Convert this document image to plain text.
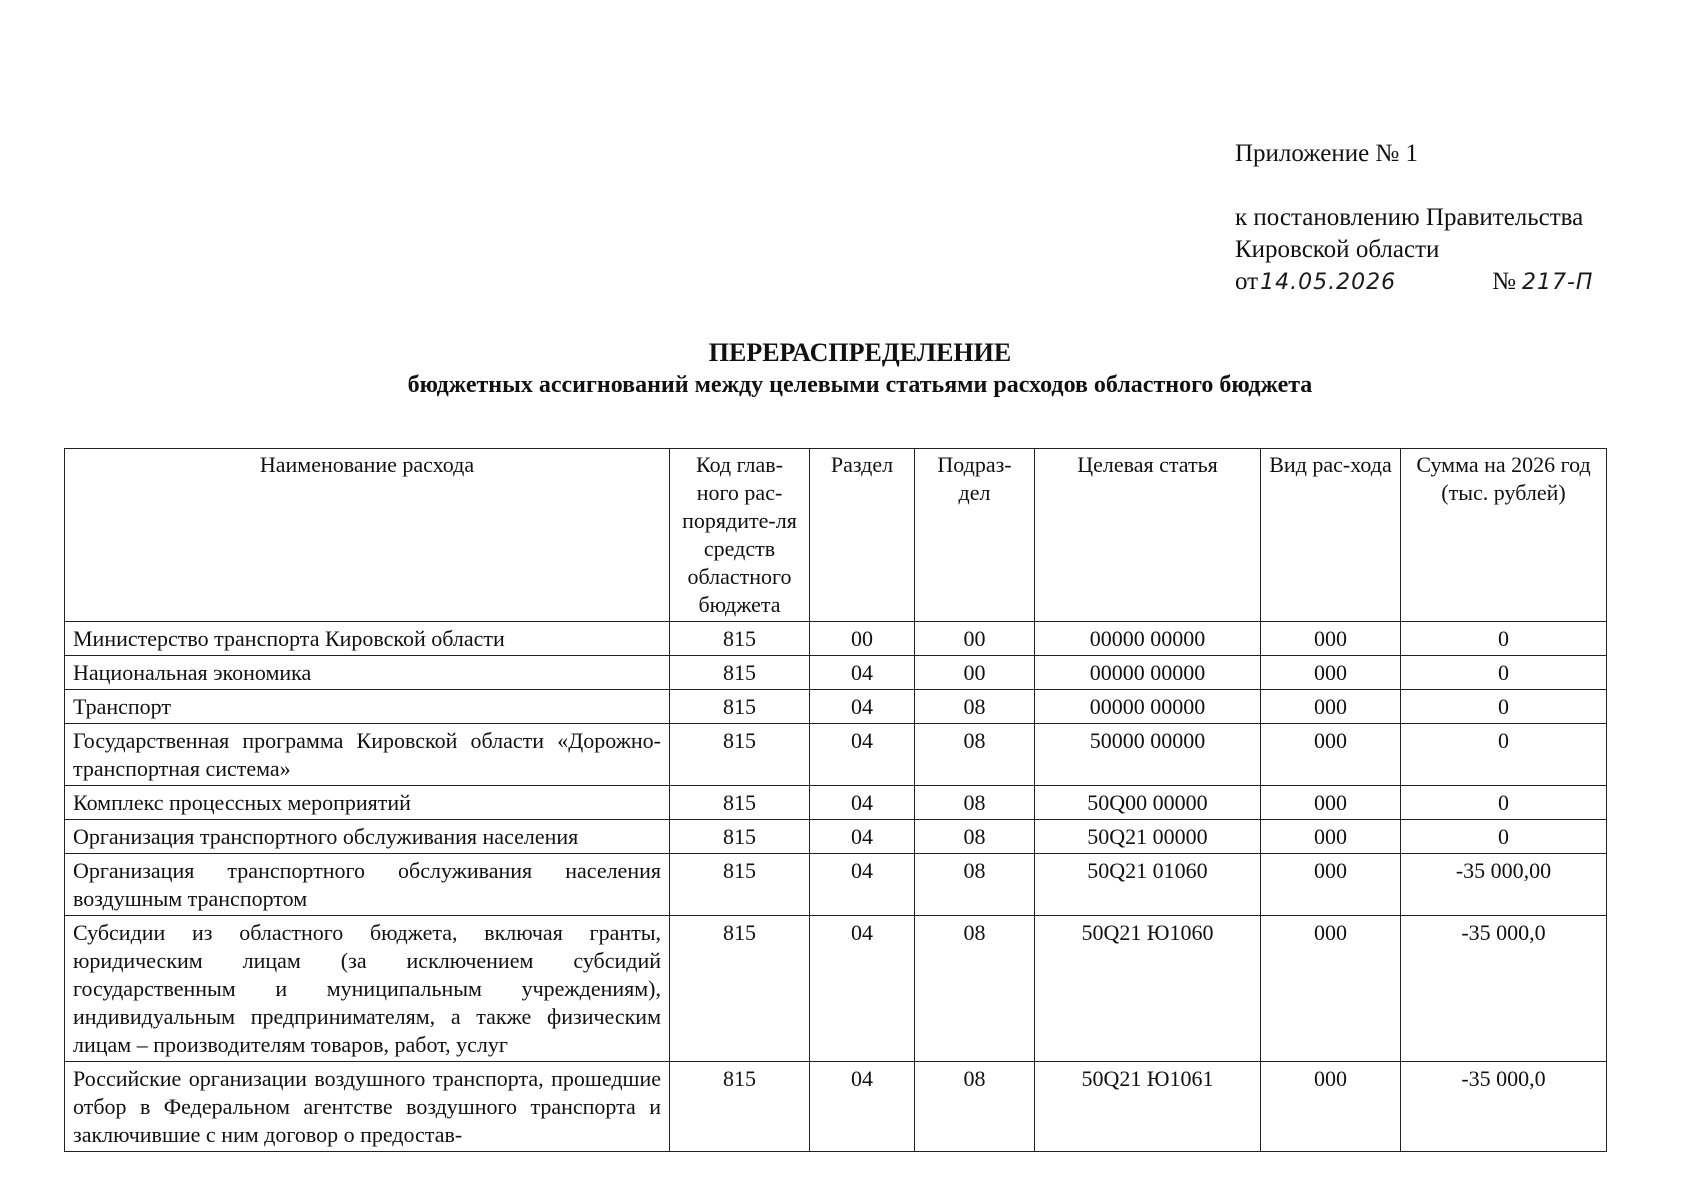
Приложение № 1
к постановлению Правительства
Кировской области
от 14.05.2026	№ 217-П
ПЕРЕРАСПРЕДЕЛЕНИЕ
бюджетных ассигнований между целевыми статьями расходов областного бюджета
Наименование расхода	Код глав-ного рас-порядите-ля средств областного бюджета	Раздел	Подраз-дел	Целевая статья	Вид рас-хода	Сумма на 2026 год (тыс. рублей)
Министерство транспорта Кировской области	815	00	00	00000 00000	000	0
Национальная экономика	815	04	00	00000 00000	000	0
Транспорт	815	04	08	00000 00000	000	0
Государственная программа Кировской области «Дорожно-транспортная система»	815	04	08	50000 00000	000	0
Комплекс процессных мероприятий	815	04	08	50Q00 00000	000	0
Организация транспортного обслуживания населения	815	04	08	50Q21 00000	000	0
Организация транспортного обслуживания населения воздушным транспортом	815	04	08	50Q21 01060	000	-35 000,00
Субсидии из областного бюджета, включая гранты, юридическим лицам (за исключением субсидий государственным и муниципальным учреждениям), индивидуальным предпринимателям, а также физическим лицам – производителям товаров, работ, услуг	815	04	08	50Q21 Ю1060	000	-35 000,0
Российские организации воздушного транспорта, прошедшие отбор в Федеральном агентстве воздушного транспорта и заключившие с ним договор о предостав-	815	04	08	50Q21 Ю1061	000	-35 000,0
